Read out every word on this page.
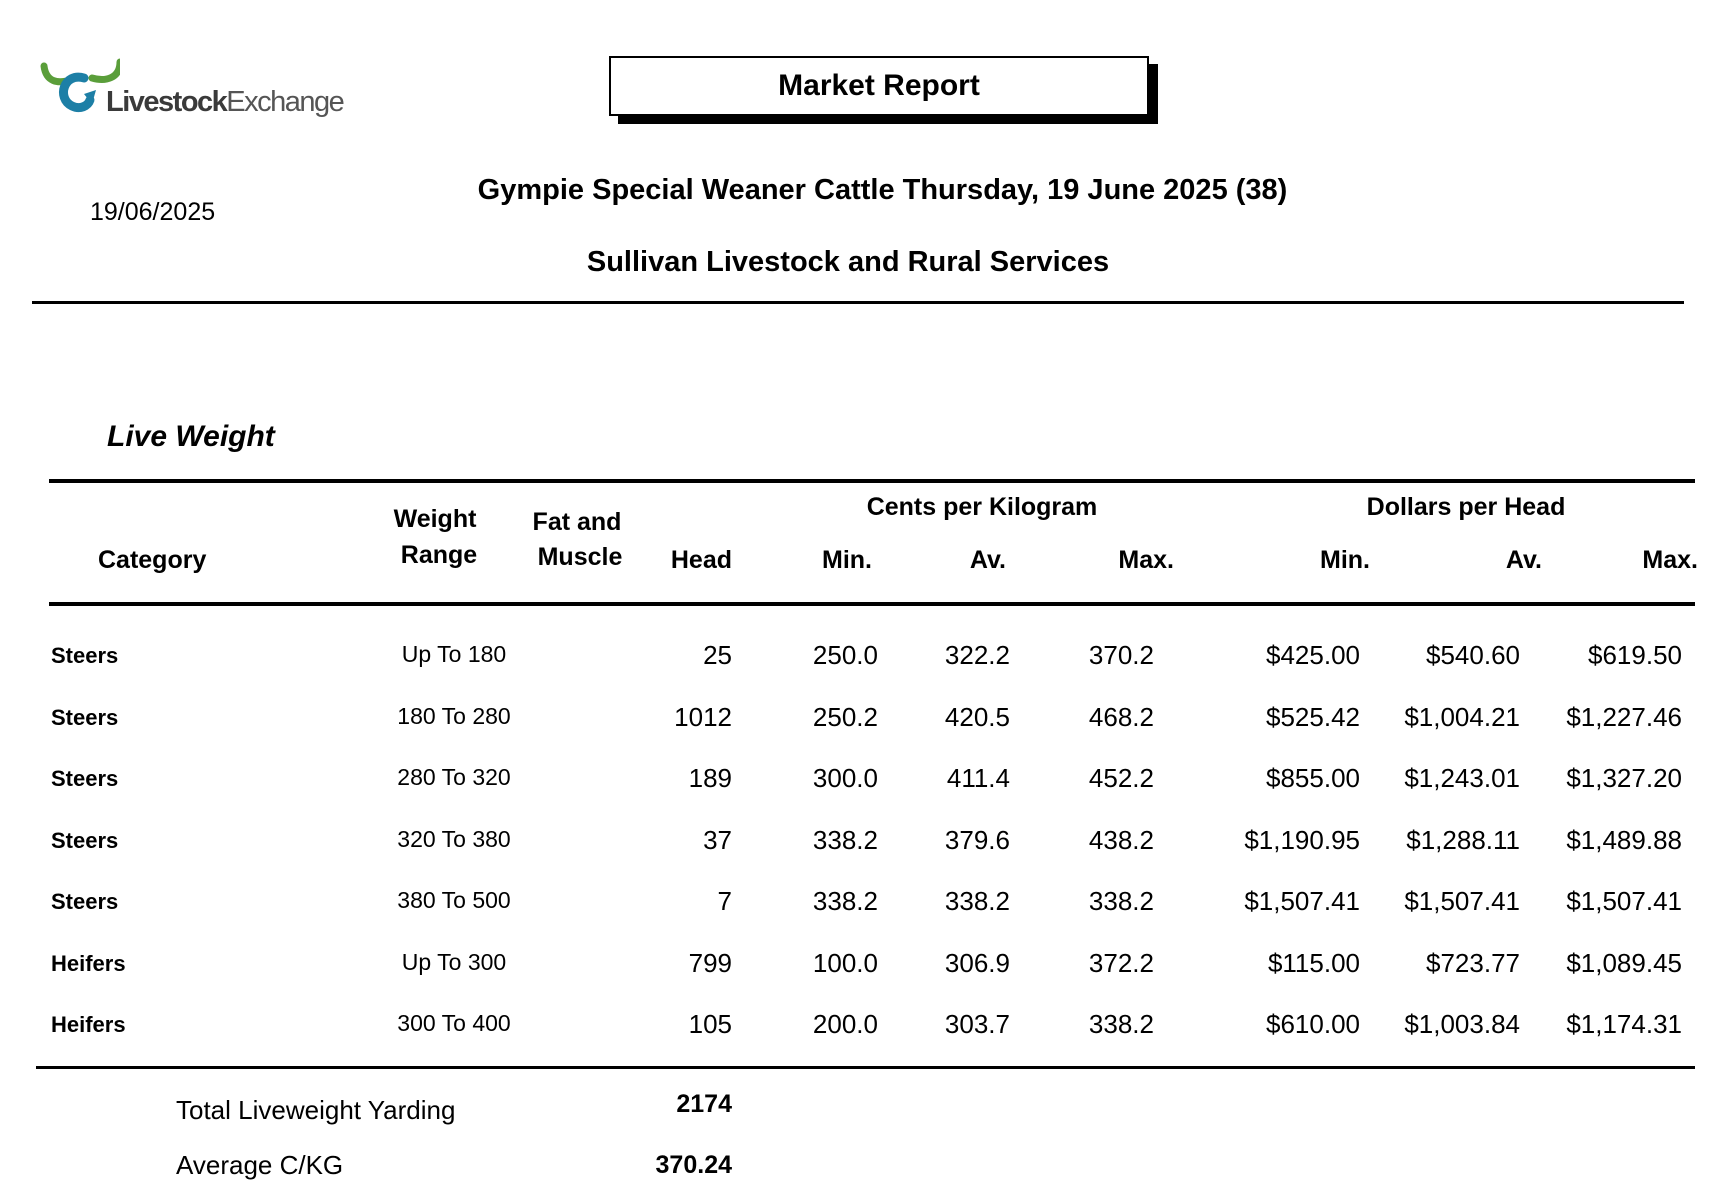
LivestockExchange	Market Report
19/06/2025
Gympie Special Weaner Cattle Thursday, 19 June 2025 (38)
Sullivan Livestock and Rural Services
Live Weight
Cents per Kilogram	Dollars per Head
Category
Weight
Range
Fat and
Muscle	Head	Min.	Av.	Max.	Min.	Av.	Max.
Steers	Up To 180	25	250.0	322.2	370.2	$425.00	$540.60	$619.50
Steers	180 To 280	1012	250.2	420.5	468.2	$525.42	$1,004.21	$1,227.46
Steers	280 To 320	189	300.0	411.4	452.2	$855.00	$1,243.01	$1,327.20
Steers	320 To 380	37	338.2	379.6	438.2	$1,190.95	$1,288.11	$1,489.88
Steers	380 To 500	7	338.2	338.2	338.2	$1,507.41	$1,507.41	$1,507.41
Heifers	Up To 300	799	100.0	306.9	372.2	$115.00	$723.77	$1,089.45
Heifers	300 To 400	105	200.0	303.7	338.2	$610.00	$1,003.84	$1,174.31
Total Liveweight Yarding	2174
Average C/KG	370.24
